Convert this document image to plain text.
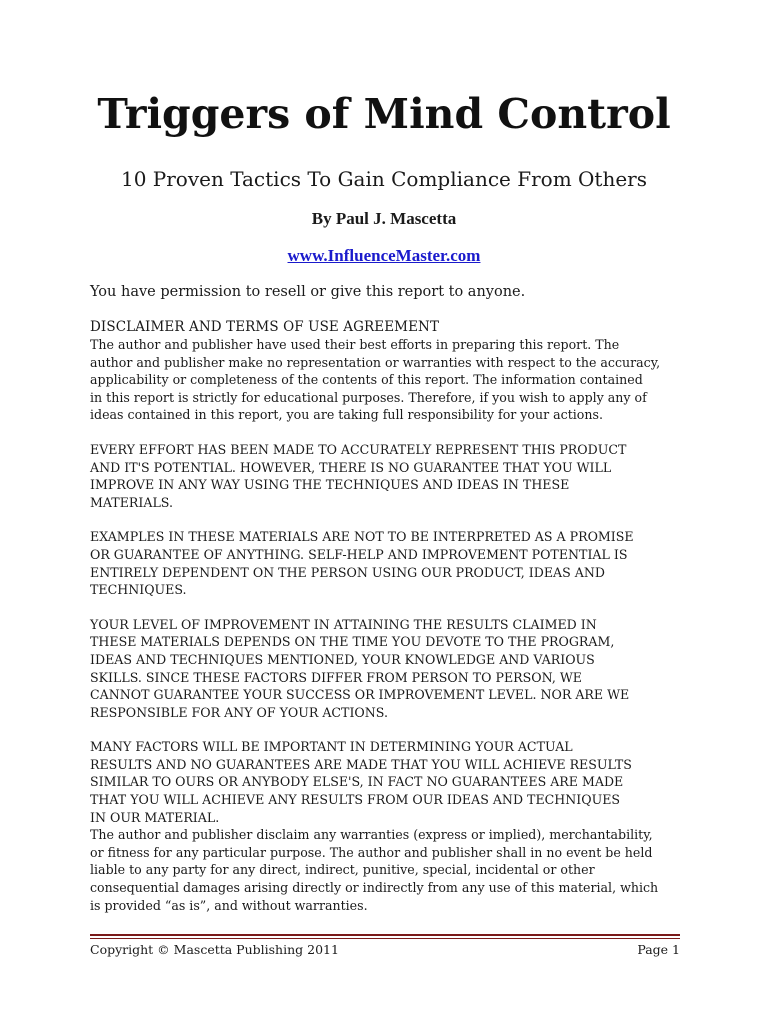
Triggers of Mind Control
10 Proven Tactics To Gain Compliance From Others
By Paul J. Mascetta
www.InfluenceMaster.com
You have permission to resell or give this report to anyone.

DISCLAIMER AND TERMS OF USE AGREEMENT

The author and publisher have used their best efforts in preparing this report. The
author and publisher make no representation or warranties with respect to the accuracy,
applicability or completeness of the contents of this report. The information contained
in this report is strictly for educational purposes. Therefore, if you wish to apply any of
ideas contained in this report, you are taking full responsibility for your actions.

EVERY EFFORT HAS BEEN MADE TO ACCURATELY REPRESENT THIS PRODUCT
AND IT'S POTENTIAL. HOWEVER, THERE IS NO GUARANTEE THAT YOU WILL
IMPROVE IN ANY WAY USING THE TECHNIQUES AND IDEAS IN THESE
MATERIALS.

EXAMPLES IN THESE MATERIALS ARE NOT TO BE INTERPRETED AS A PROMISE
OR GUARANTEE OF ANYTHING. SELF-HELP AND IMPROVEMENT POTENTIAL IS
ENTIRELY DEPENDENT ON THE PERSON USING OUR PRODUCT, IDEAS AND
TECHNIQUES.

YOUR LEVEL OF IMPROVEMENT IN ATTAINING THE RESULTS CLAIMED IN
THESE MATERIALS DEPENDS ON THE TIME YOU DEVOTE TO THE PROGRAM,
IDEAS AND TECHNIQUES MENTIONED, YOUR KNOWLEDGE AND VARIOUS
SKILLS. SINCE THESE FACTORS DIFFER FROM PERSON TO PERSON, WE
CANNOT GUARANTEE YOUR SUCCESS OR IMPROVEMENT LEVEL. NOR ARE WE
RESPONSIBLE FOR ANY OF YOUR ACTIONS.

MANY FACTORS WILL BE IMPORTANT IN DETERMINING YOUR ACTUAL
RESULTS AND NO GUARANTEES ARE MADE THAT YOU WILL ACHIEVE RESULTS
SIMILAR TO OURS OR ANYBODY ELSE'S, IN FACT NO GUARANTEES ARE MADE
THAT YOU WILL ACHIEVE ANY RESULTS FROM OUR IDEAS AND TECHNIQUES
IN OUR MATERIAL.

The author and publisher disclaim any warranties (express or implied), merchantability,
or fitness for any particular purpose. The author and publisher shall in no event be held
liable to any party for any direct, indirect, punitive, special, incidental or other
consequential damages arising directly or indirectly from any use of this material, which
is provided “as is”, and without warranties.

Copyright © Mascetta Publishing 2011	Page 1
